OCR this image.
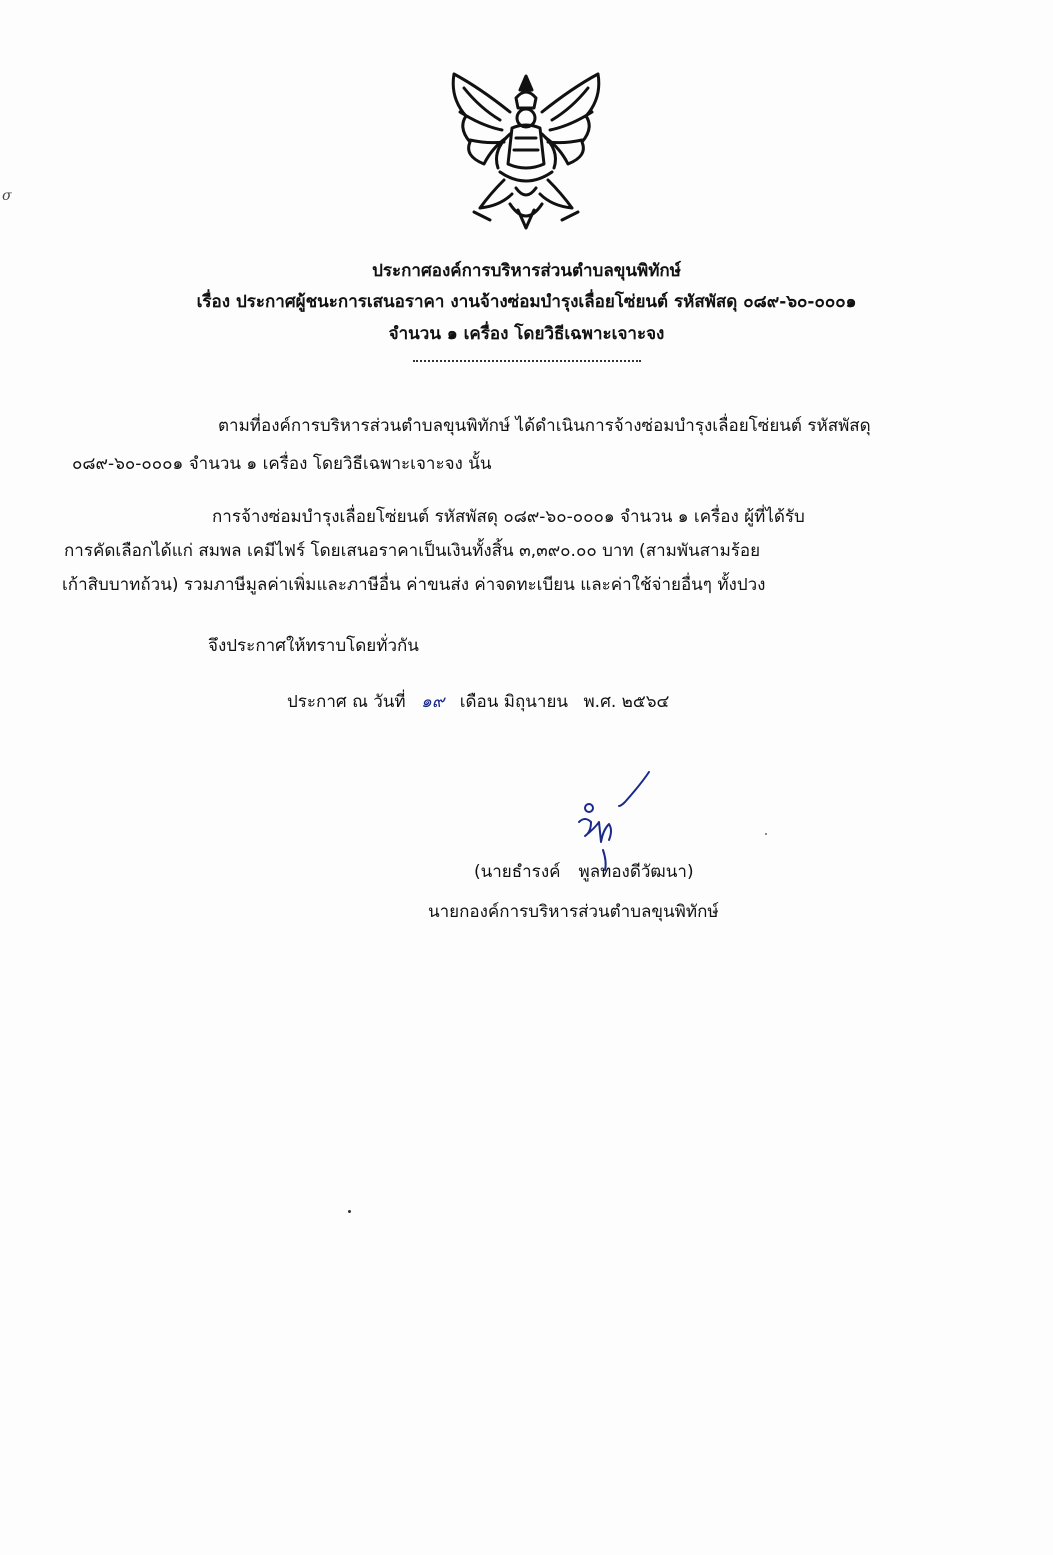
σ
ประกาศองค์การบริหารส่วนตำบลขุนพิทักษ์
เรื่อง ประกาศผู้ชนะการเสนอราคา งานจ้างซ่อมบำรุงเลื่อยโซ่ยนต์ รหัสพัสดุ ๐๘๙-๖๐-๐๐๐๑
จำนวน ๑ เครื่อง โดยวิธีเฉพาะเจาะจง
ตามที่องค์การบริหารส่วนตำบลขุนพิทักษ์ ได้ดำเนินการจ้างซ่อมบำรุงเลื่อยโซ่ยนต์ รหัสพัสดุ
๐๘๙-๖๐-๐๐๐๑ จำนวน ๑ เครื่อง โดยวิธีเฉพาะเจาะจง นั้น
การจ้างซ่อมบำรุงเลื่อยโซ่ยนต์ รหัสพัสดุ ๐๘๙-๖๐-๐๐๐๑ จำนวน ๑ เครื่อง ผู้ที่ได้รับ
การคัดเลือกได้แก่ สมพล เคมีไฟร์ โดยเสนอราคาเป็นเงินทั้งสิ้น ๓,๓๙๐.๐๐ บาท (สามพันสามร้อย
เก้าสิบบาทถ้วน) รวมภาษีมูลค่าเพิ่มและภาษีอื่น ค่าขนส่ง ค่าจดทะเบียน และค่าใช้จ่ายอื่นๆ ทั้งปวง
จึงประกาศให้ทราบโดยทั่วกัน
ประกาศ ณ วันที่ ๑๙ เดือน มิถุนายน พ.ศ. ๒๕๖๔
(นายธำรงค์ พูลทองดีวัฒนา)
นายกองค์การบริหารส่วนตำบลขุนพิทักษ์
